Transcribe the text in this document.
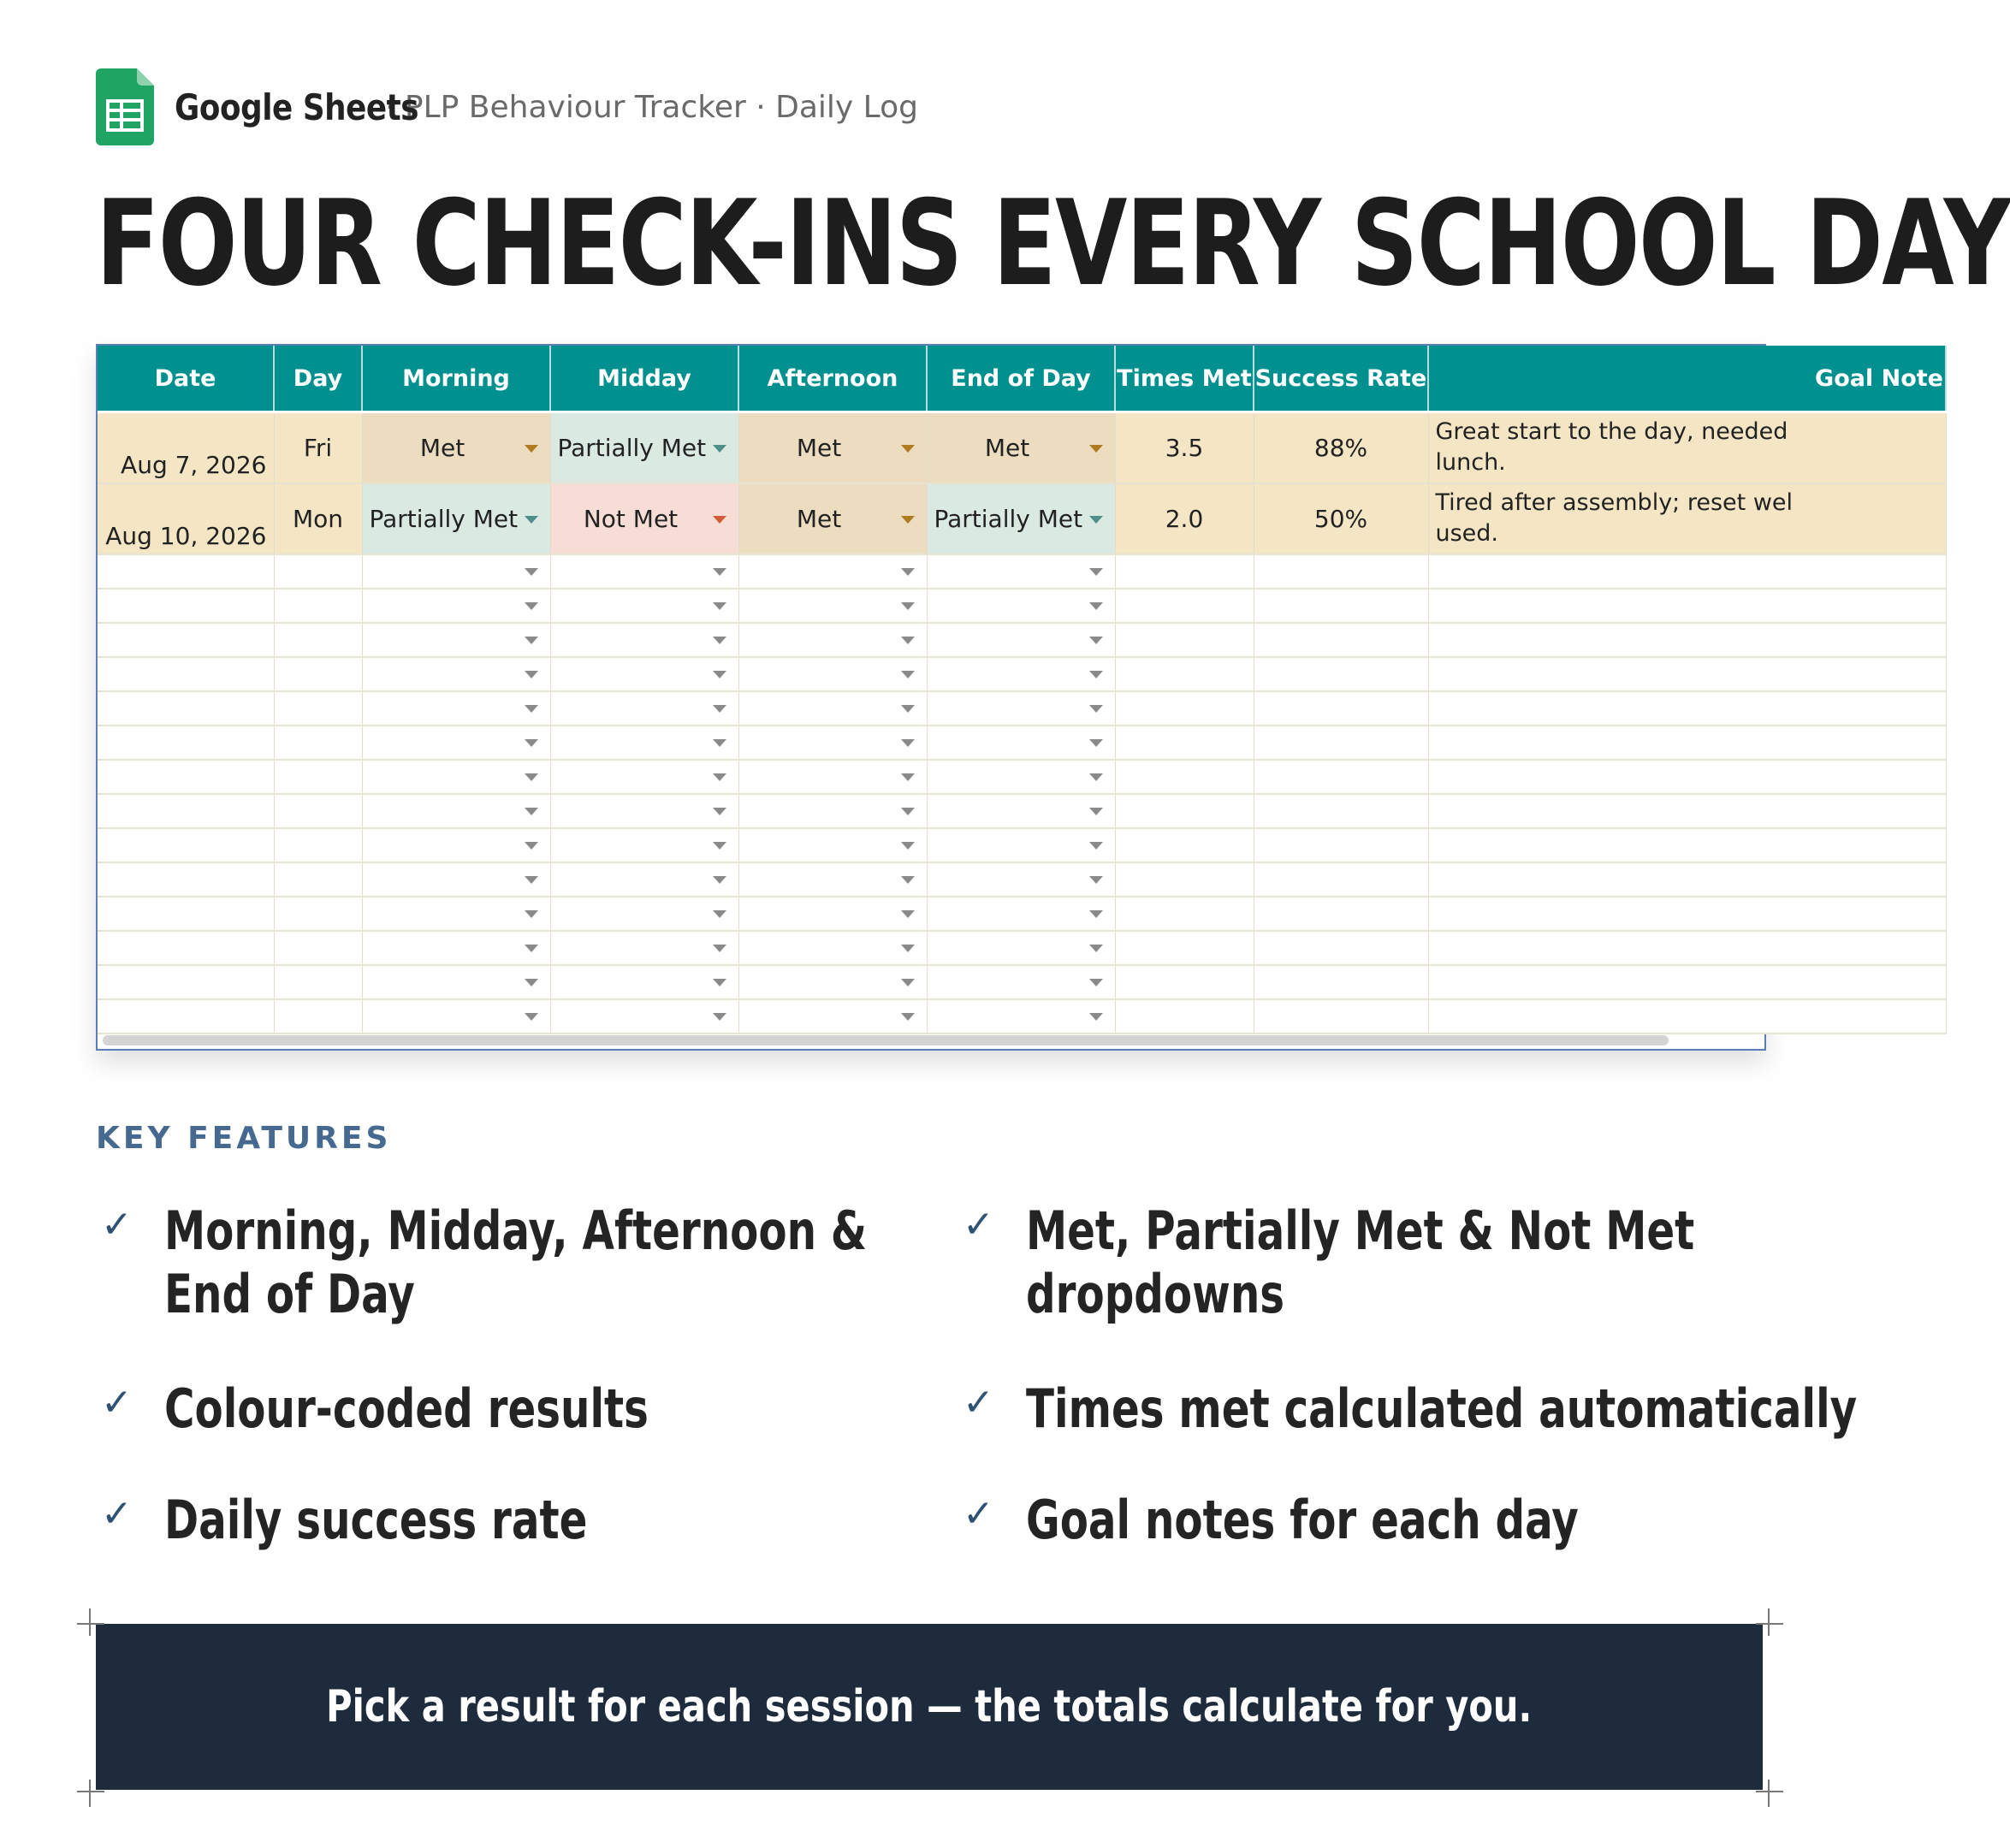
Google Sheets
· PLP Behaviour Tracker · Daily Log
FOUR CHECK-INS EVERY SCHOOL DAY
Date	Day	Morning	Midday	Afternoon	End of Day	Times Met	Success Rate	Goal Note

Aug 7, 2026	Fri	Met	Partially Met	Met	Met	3.5	88%	Great start to the day, needed lunch.

Aug 10, 2026	Mon	Partially Met	Not Met	Met	Partially Met	2.0	50%	Tired after assembly; reset wel used.

KEY FEATURES
✓ Morning, Midday, Afternoon & End of Day
✓ Met, Partially Met & Not Met dropdowns
✓ Colour-coded results	✓ Times met calculated automatically
✓ Daily success rate	✓ Goal notes for each day
Pick a result for each session — the totals calculate for you.
